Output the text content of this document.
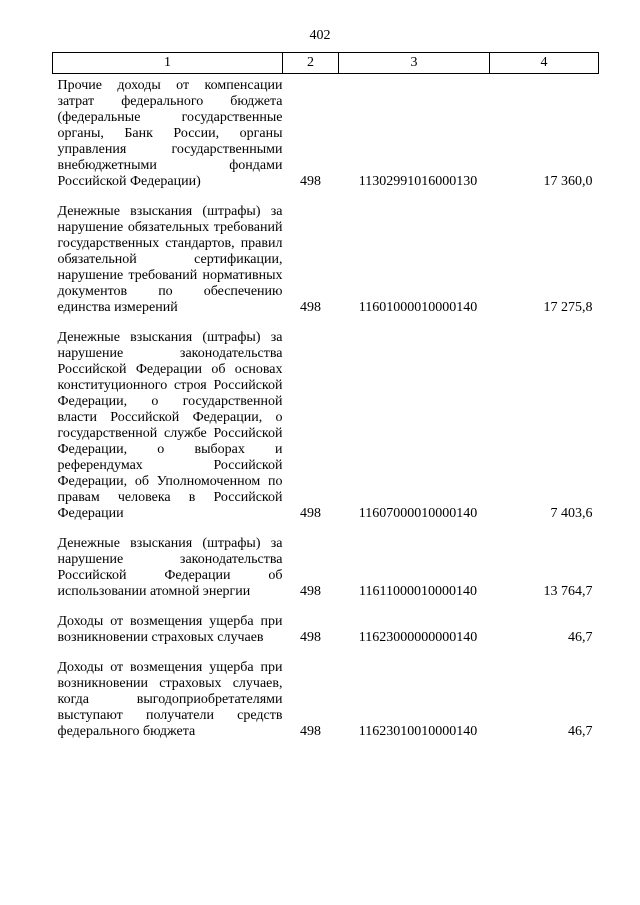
402
1	2	3	4

Прочие доходы от компенсации затрат федерального бюджета (федеральные государственные органы, Банк России, органы управления государственными внебюджетными фондами Российской Федерации)	498	11302991016000130	17 360,0

Денежные взыскания (штрафы) за нарушение обязательных требований государственных стандартов, правил обязательной сертификации, нарушение требований нормативных документов по обеспечению единства измерений	498	11601000010000140	17 275,8

Денежные взыскания (штрафы) за нарушение законодательства Российской Федерации об основах конституционного строя Российской Федерации, о государственной власти Российской Федерации, о государственной службе Российской Федерации, о выборах и референдумах Российской Федерации, об Уполномоченном по правам человека в Российской Федерации	498	11607000010000140	7 403,6

Денежные взыскания (штрафы) за нарушение законодательства Российской Федерации об использовании атомной энергии	498	11611000010000140	13 764,7

Доходы от возмещения ущерба при возникновении страховых случаев	498	11623000000000140	46,7

Доходы от возмещения ущерба при возникновении страховых случаев, когда выгодоприобретателями выступают получатели средств федерального бюджета	498	11623010010000140	46,7
